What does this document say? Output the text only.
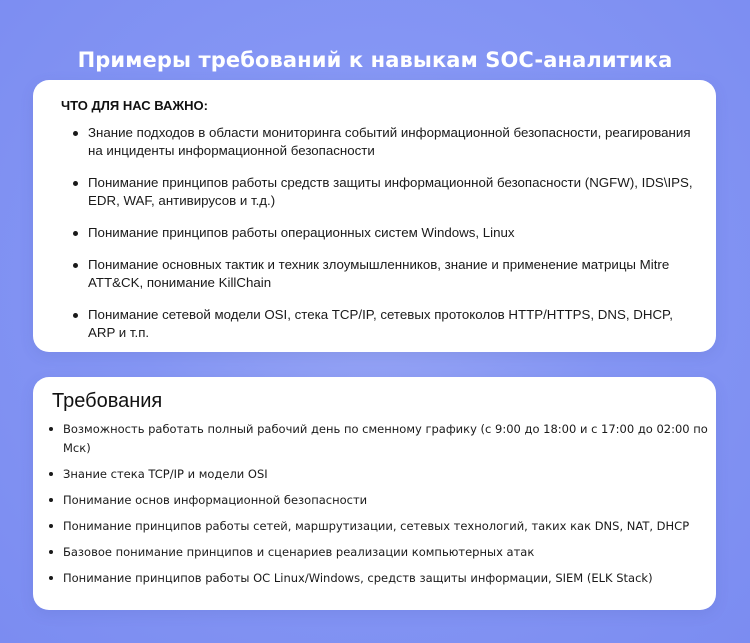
Примеры требований к навыкам SOC-аналитика
ЧТО ДЛЯ НАС ВАЖНО:
Знание подходов в области мониторинга событий информационной безопасности, реагирования на инциденты информационной безопасности
Понимание принципов работы средств защиты информационной безопасности (NGFW), IDS\IPS, EDR, WAF, антивирусов и т.д.)
Понимание принципов работы операционных систем Windows, Linux
Понимание основных тактик и техник злоумышленников, знание и применение матрицы Mitre ATT&CK, понимание KillChain
Понимание сетевой модели OSI, стека TCP/IP, сетевых протоколов HTTP/HTTPS, DNS, DHCP, ARP и т.п.
Требования
Возможность работать полный рабочий день по сменному графику (с 9:00 до 18:00 и с 17:00 до 02:00 по Мск)
Знание стека TCP/IP и модели OSI
Понимание основ информационной безопасности
Понимание принципов работы сетей, маршрутизации, сетевых технологий, таких как DNS, NAT, DHCP
Базовое понимание принципов и сценариев реализации компьютерных атак
Понимание принципов работы ОС Linux/Windows, средств защиты информации, SIEM (ELK Stack)
